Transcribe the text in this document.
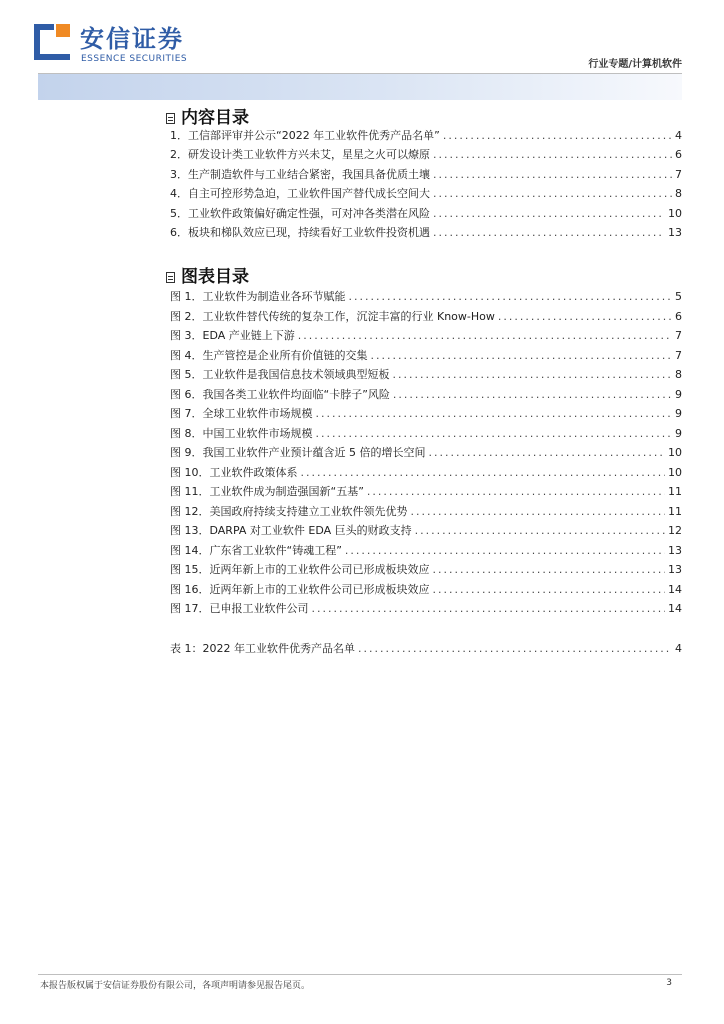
安信证券
ESSENCE SECURITIES	行业专题/计算机软件
内容目录
1．工信部评审并公示“2022 年工业软件优秀产品名单” .....	4
2．研发设计类工业软件方兴未艾，星星之火可以燎原 .....	6
3．生产制造软件与工业结合紧密，我国具备优质土壤 .....	7
4．自主可控形势急迫，工业软件国产替代成长空间大 .....	8
5．工业软件政策偏好确定性强，可对冲各类潜在风险 .....	10
6．板块和梯队效应已现，持续看好工业软件投资机遇 .....	13
图表目录
图 1．工业软件为制造业各环节赋能 .....	5
图 2．工业软件替代传统的复杂工作，沉淀丰富的行业 Know-How .....	6
图 3．EDA 产业链上下游 .....	7
图 4．生产管控是企业所有价值链的交集 .....	7
图 5．工业软件是我国信息技术领域典型短板 .....	8
图 6．我国各类工业软件均面临“卡脖子”风险 .....	9
图 7．全球工业软件市场规模 .....	9
图 8．中国工业软件市场规模 .....	9
图 9．我国工业软件产业预计蕴含近 5 倍的增长空间 .....	10
图 10．工业软件政策体系 .....	10
图 11．工业软件成为制造强国新“五基” .....	11
图 12．美国政府持续支持建立工业软件领先优势 .....	11
图 13．DARPA 对工业软件 EDA 巨头的财政支持 .....	12
图 14．广东省工业软件“铸魂工程” .....	13
图 15．近两年新上市的工业软件公司已形成板块效应 .....	13
图 16．近两年新上市的工业软件公司已形成板块效应 .....	14
图 17．已申报工业软件公司 .....	14
表 1：2022 年工业软件优秀产品名单 .....	4
本报告版权属于安信证券股份有限公司，各项声明请参见报告尾页。	3
